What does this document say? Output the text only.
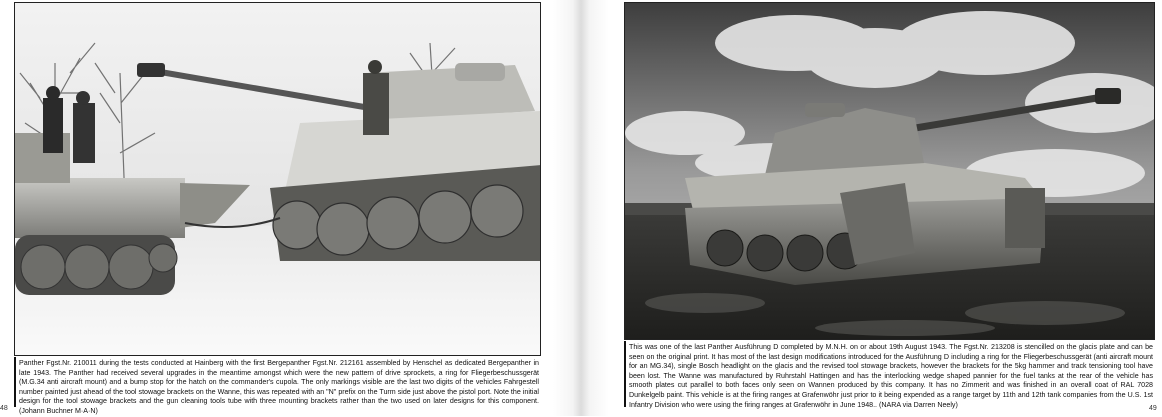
Panther Fgst.Nr. 210011 during the tests conducted at Hainberg with the first Bergepanther Fgst.Nr. 212161 assembled by Henschel as dedicated Bergepanther in late 1943. The Panther had received several upgrades in the meantime amongst which were the new pattern of drive sprockets, a ring for Fliegerbeschussgerät (M.G.34 anti aircraft mount) and a bump stop for the hatch on the commander's cupola. The only markings visible are the last two digits of the vehicles Fahrgestell number painted just ahead of the tool stowage brackets on the Wanne, this was repeated with an "N" prefix on the Turm side just above the pistol port. Note the initial design for the tool stowage brackets and the gun cleaning tools tube with three mounting brackets rather than the two used on later designs for this component. (Johann Buchner M·A·N)
48
This was one of the last Panther Ausführung D completed by M.N.H. on or about 19th August 1943. The Fgst.Nr. 213208 is stencilled on the glacis plate and can be seen on the original print. It has most of the last design modifications introduced for the Ausführung D including a ring for the Fliegerbeschussgerät (anti aircraft mount for an MG.34), single Bosch headlight on the glacis and the revised tool stowage brackets, however the brackets for the 5kg hammer and track tensioning tool have been lost. The Wanne was manufactured by Ruhrstahl Hattingen and has the interlocking wedge shaped pannier for the fuel tanks at the rear of the vehicle has smooth plates cut parallel to both faces only seen on Wannen produced by this company. It has no Zimmerit and was finished in an overall coat of RAL 7028 Dunkelgelb paint. This vehicle is at the firing ranges at Grafenwöhr just prior to it being expended as a range target by 11th and 12th tank companies from the U.S. 1st Infantry Division who were using the firing ranges at Grafenwöhr in June 1948.. (NARA via Darren Neely)	49
